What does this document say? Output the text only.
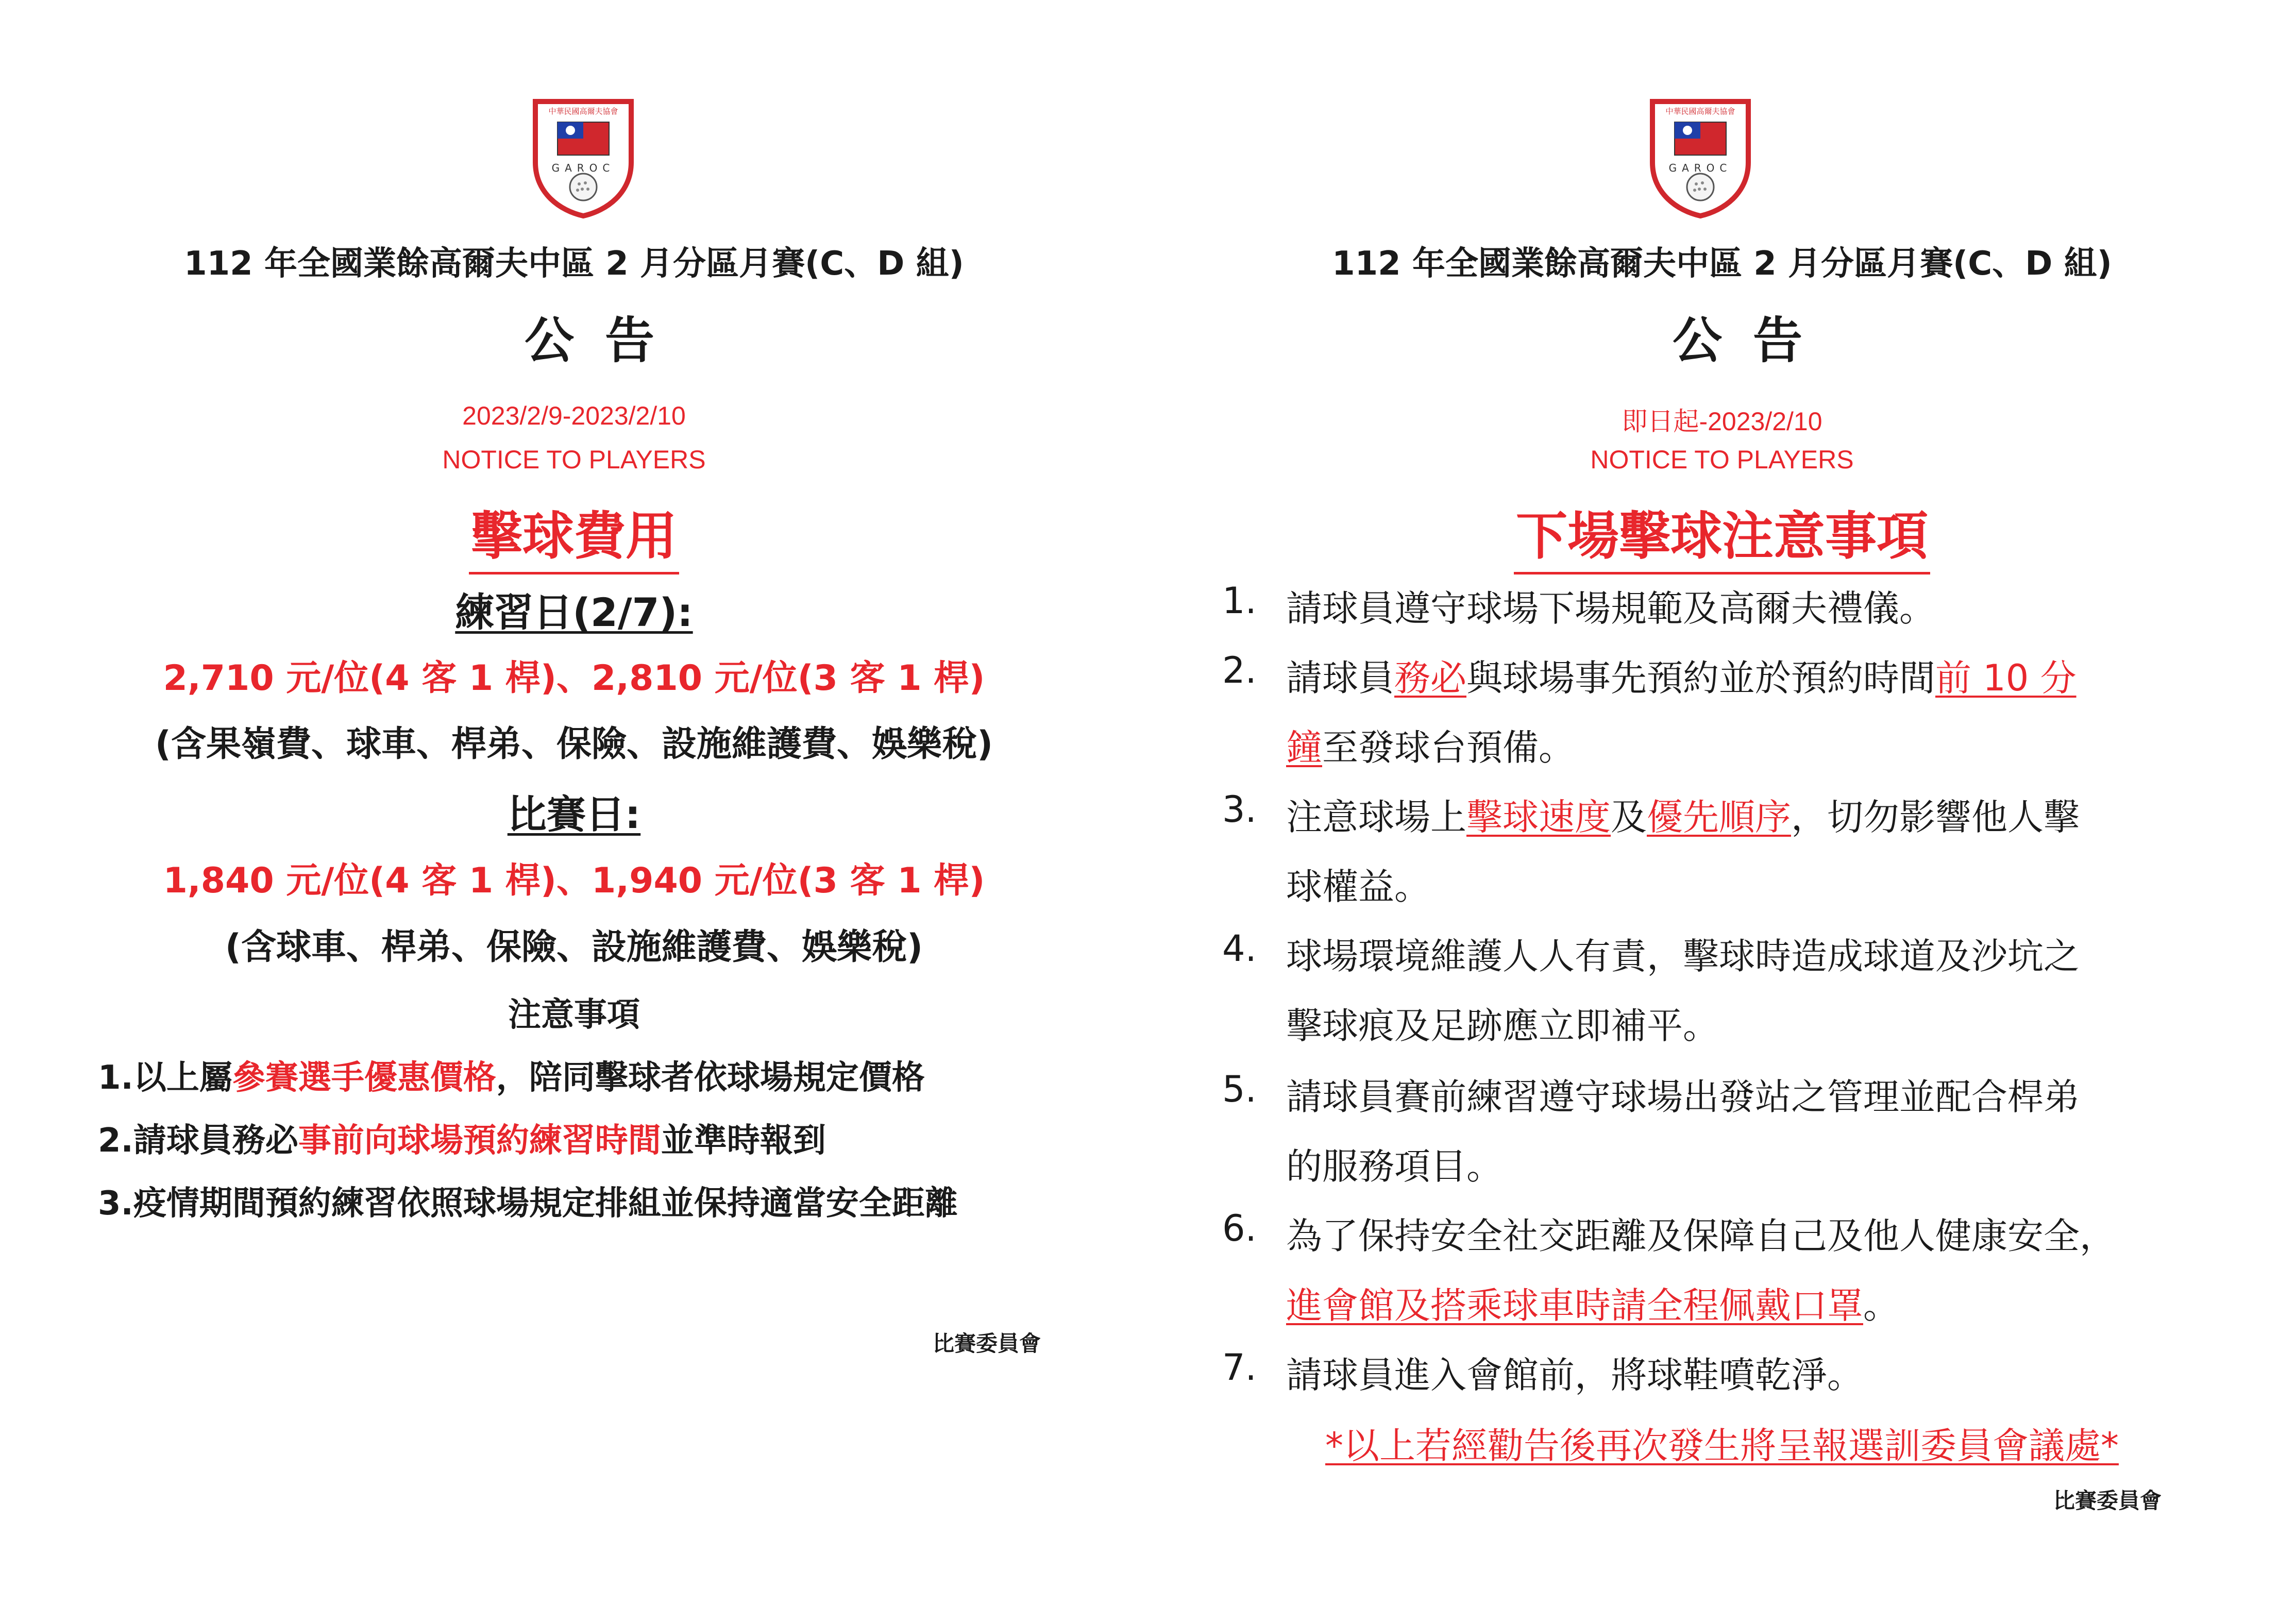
中華民國高爾夫協會
GAROC
112 年全國業餘高爾夫中區 2 月分區月賽(C、D 組)
公告
2023/2/9-2023/2/10
NOTICE TO PLAYERS
擊球費用
練習日(2/7):
2,710 元/位(4 客 1 桿)、2,810 元/位(3 客 1 桿)
(含果嶺費、球車、桿弟、保險、設施維護費、娛樂稅)
比賽日:
1,840 元/位(4 客 1 桿)、1,940 元/位(3 客 1 桿)
(含球車、桿弟、保險、設施維護費、娛樂稅)
注意事項
1.以上屬參賽選手優惠價格，陪同擊球者依球場規定價格
2.請球員務必事前向球場預約練習時間並準時報到
3.疫情期間預約練習依照球場規定排組並保持適當安全距離
比賽委員會
中華民國高爾夫協會
GAROC
112 年全國業餘高爾夫中區 2 月分區月賽(C、D 組)
公告
即日起-2023/2/10
NOTICE TO PLAYERS
下場擊球注意事項
1. 請球員遵守球場下場規範及高爾夫禮儀。
2. 請球員務必與球場事先預約並於預約時間前 10 分
鐘至發球台預備。
3. 注意球場上擊球速度及優先順序，切勿影響他人擊
球權益。
4. 球場環境維護人人有責，擊球時造成球道及沙坑之
擊球痕及足跡應立即補平。
5. 請球員賽前練習遵守球場出發站之管理並配合桿弟
的服務項目。
6. 為了保持安全社交距離及保障自己及他人健康安全，
進會館及搭乘球車時請全程佩戴口罩。
7. 請球員進入會館前，將球鞋噴乾淨。
*以上若經勸告後再次發生將呈報選訓委員會議處*
比賽委員會
